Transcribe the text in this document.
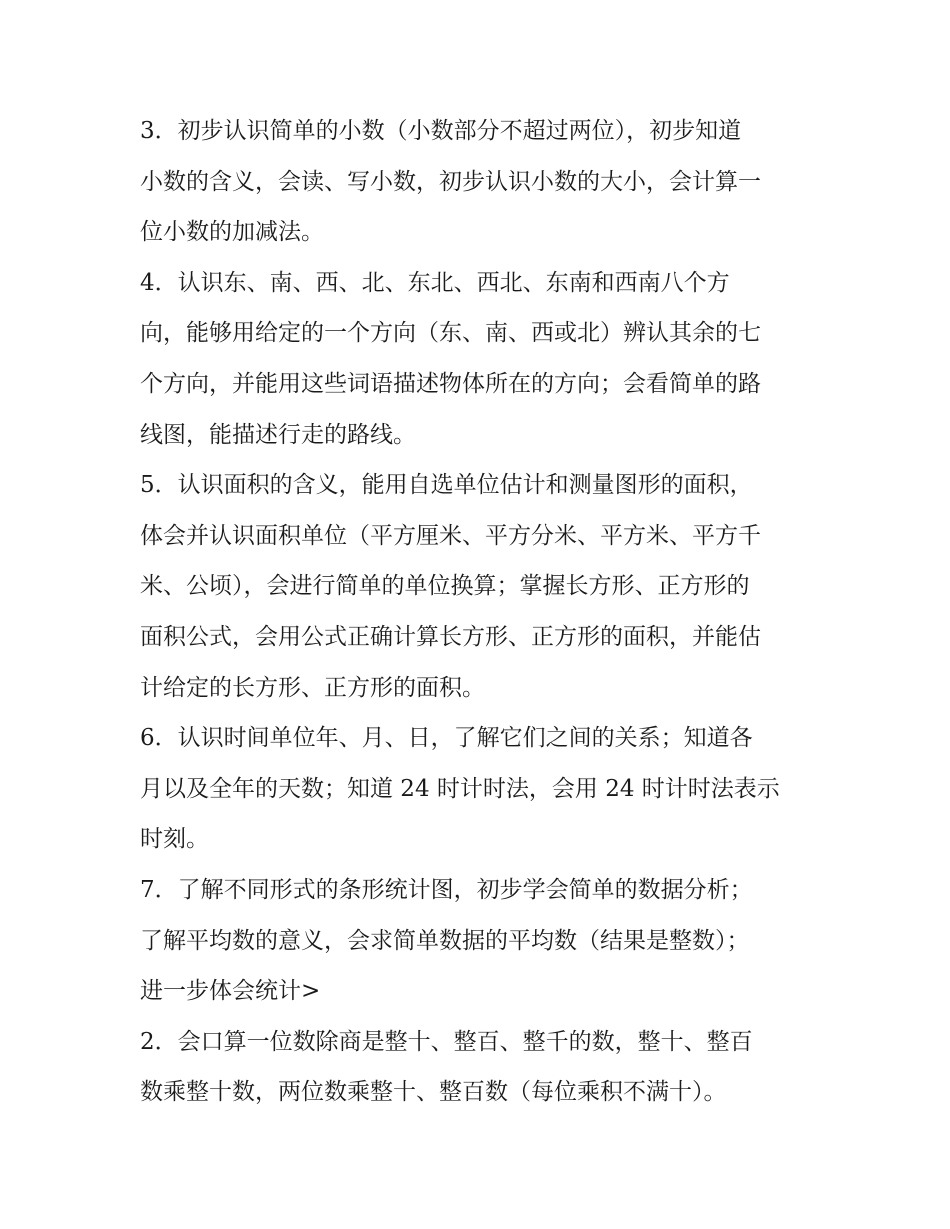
3．初步认识简单的小数（小数部分不超过两位），初步知道
小数的含义，会读、写小数，初步认识小数的大小，会计算一
位小数的加减法。
4．认识东、南、西、北、东北、西北、东南和西南八个方
向，能够用给定的一个方向（东、南、西或北）辨认其余的七
个方向，并能用这些词语描述物体所在的方向；会看简单的路
线图，能描述行走的路线。
5．认识面积的含义，能用自选单位估计和测量图形的面积，
体会并认识面积单位（平方厘米、平方分米、平方米、平方千
米、公顷），会进行简单的单位换算；掌握长方形、正方形的
面积公式，会用公式正确计算长方形、正方形的面积，并能估
计给定的长方形、正方形的面积。
6．认识时间单位年、月、日，了解它们之间的关系；知道各
月以及全年的天数；知道 24 时计时法，会用 24 时计时法表示
时刻。
7．了解不同形式的条形统计图，初步学会简单的数据分析；
了解平均数的意义，会求简单数据的平均数（结果是整数）；
进一步体会统计>
2．会口算一位数除商是整十、整百、整千的数，整十、整百
数乘整十数，两位数乘整十、整百数（每位乘积不满十）。
